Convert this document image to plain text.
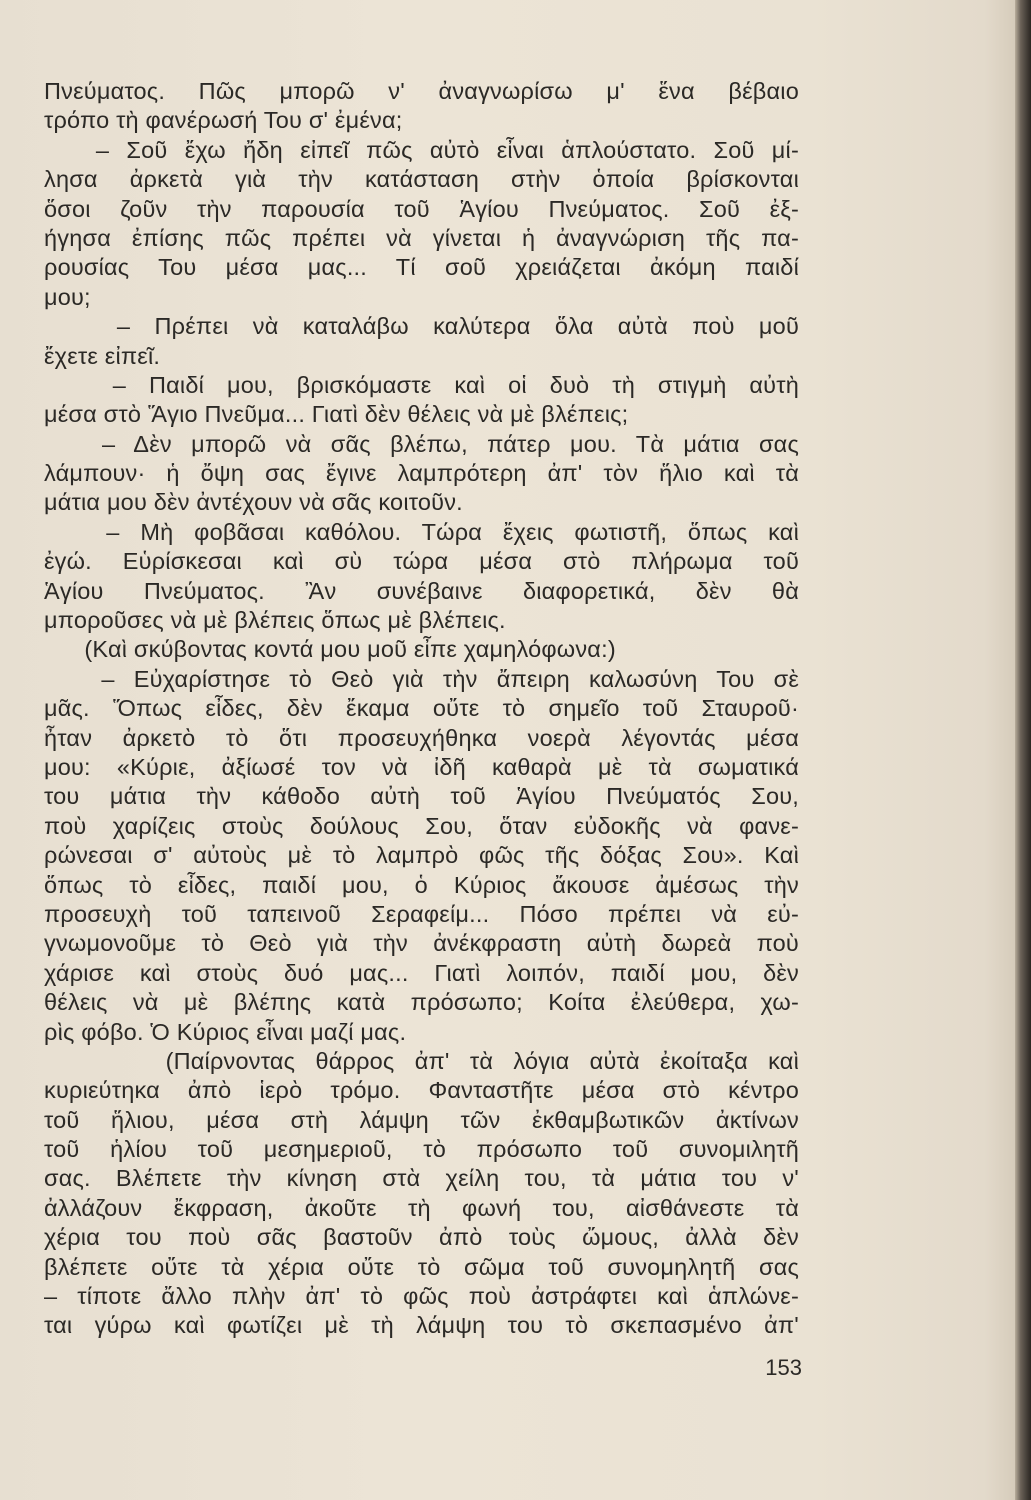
Πνεύματος. Πῶς μπορῶ ν' ἀναγνωρίσω μ' ἕνα βέβαιο
τρόπο τὴ φανέρωσή Του σ' ἐμένα;
– Σοῦ ἔχω ἤδη εἰπεῖ πῶς αὐτὸ εἶναι ἁπλούστατο. Σοῦ μί-
λησα ἀρκετὰ γιὰ τὴν κατάσταση στὴν ὁποία βρίσκονται
ὅσοι ζοῦν τὴν παρουσία τοῦ Ἁγίου Πνεύματος. Σοῦ ἐξ-
ήγησα ἐπίσης πῶς πρέπει νὰ γίνεται ἡ ἀναγνώριση τῆς πα-
ρουσίας Του μέσα μας... Τί σοῦ χρειάζεται ἀκόμη παιδί
μου;
– Πρέπει νὰ καταλάβω καλύτερα ὅλα αὐτὰ ποὺ μοῦ
ἔχετε εἰπεῖ.
– Παιδί μου, βρισκόμαστε καὶ οἱ δυὸ τὴ στιγμὴ αὐτὴ
μέσα στὸ Ἅγιο Πνεῦμα... Γιατὶ δὲν θέλεις νὰ μὲ βλέπεις;
– Δὲν μπορῶ νὰ σᾶς βλέπω, πάτερ μου. Τὰ μάτια σας
λάμπουν· ἡ ὄψη σας ἔγινε λαμπρότερη ἀπ' τὸν ἥλιο καὶ τὰ
μάτια μου δὲν ἀντέχουν νὰ σᾶς κοιτοῦν.
– Μὴ φοβᾶσαι καθόλου. Τώρα ἔχεις φωτιστῆ, ὅπως καὶ
ἐγώ. Εὑρίσκεσαι καὶ σὺ τώρα μέσα στὸ πλήρωμα τοῦ
Ἁγίου Πνεύματος. Ἂν συνέβαινε διαφορετικά, δὲν θὰ
μποροῦσες νὰ μὲ βλέπεις ὅπως μὲ βλέπεις.
(Καὶ σκύβοντας κοντά μου μοῦ εἶπε χαμηλόφωνα:)
– Εὐχαρίστησε τὸ Θεὸ γιὰ τὴν ἄπειρη καλωσύνη Του σὲ
μᾶς. Ὅπως εἶδες, δὲν ἔκαμα οὔτε τὸ σημεῖο τοῦ Σταυροῦ·
ἦταν ἀρκετὸ τὸ ὅτι προσευχήθηκα νοερὰ λέγοντάς μέσα
μου: «Κύριε, ἀξίωσέ τον νὰ ἰδῆ καθαρὰ μὲ τὰ σωματικά
του μάτια τὴν κάθοδο αὐτὴ τοῦ Ἁγίου Πνεύματός Σου,
ποὺ χαρίζεις στοὺς δούλους Σου, ὅταν εὐδοκῆς νὰ φανε-
ρώνεσαι σ' αὐτοὺς μὲ τὸ λαμπρὸ φῶς τῆς δόξας Σου». Καὶ
ὅπως τὸ εἶδες, παιδί μου, ὁ Κύριος ἄκουσε ἀμέσως τὴν
προσευχὴ τοῦ ταπεινοῦ Σεραφείμ... Πόσο πρέπει νὰ εὐ-
γνωμονοῦμε τὸ Θεὸ γιὰ τὴν ἀνέκφραστη αὐτὴ δωρεὰ ποὺ
χάρισε καὶ στοὺς δυό μας... Γιατὶ λοιπόν, παιδί μου, δὲν
θέλεις νὰ μὲ βλέπης κατὰ πρόσωπο; Κοίτα ἐλεύθερα, χω-
ρὶς φόβο. Ὁ Κύριος εἶναι μαζί μας.
(Παίρνοντας θάρρος ἀπ' τὰ λόγια αὐτὰ ἐκοίταξα καὶ
κυριεύτηκα ἀπὸ ἱερὸ τρόμο. Φανταστῆτε μέσα στὸ κέντρο
τοῦ ἥλιου, μέσα στὴ λάμψη τῶν ἐκθαμβωτικῶν ἀκτίνων
τοῦ ἡλίου τοῦ μεσημεριοῦ, τὸ πρόσωπο τοῦ συνομιλητῆ
σας. Βλέπετε τὴν κίνηση στὰ χείλη του, τὰ μάτια του ν'
ἀλλάζουν ἔκφραση, ἀκοῦτε τὴ φωνή του, αἰσθάνεστε τὰ
χέρια του ποὺ σᾶς βαστοῦν ἀπὸ τοὺς ὤμους, ἀλλὰ δὲν
βλέπετε οὔτε τὰ χέρια οὔτε τὸ σῶμα τοῦ συνομηλητῆ σας
– τίποτε ἄλλο πλὴν ἀπ' τὸ φῶς ποὺ ἀστράφτει καὶ ἁπλώνε-
ται γύρω καὶ φωτίζει μὲ τὴ λάμψη του τὸ σκεπασμένο ἀπ'
153
